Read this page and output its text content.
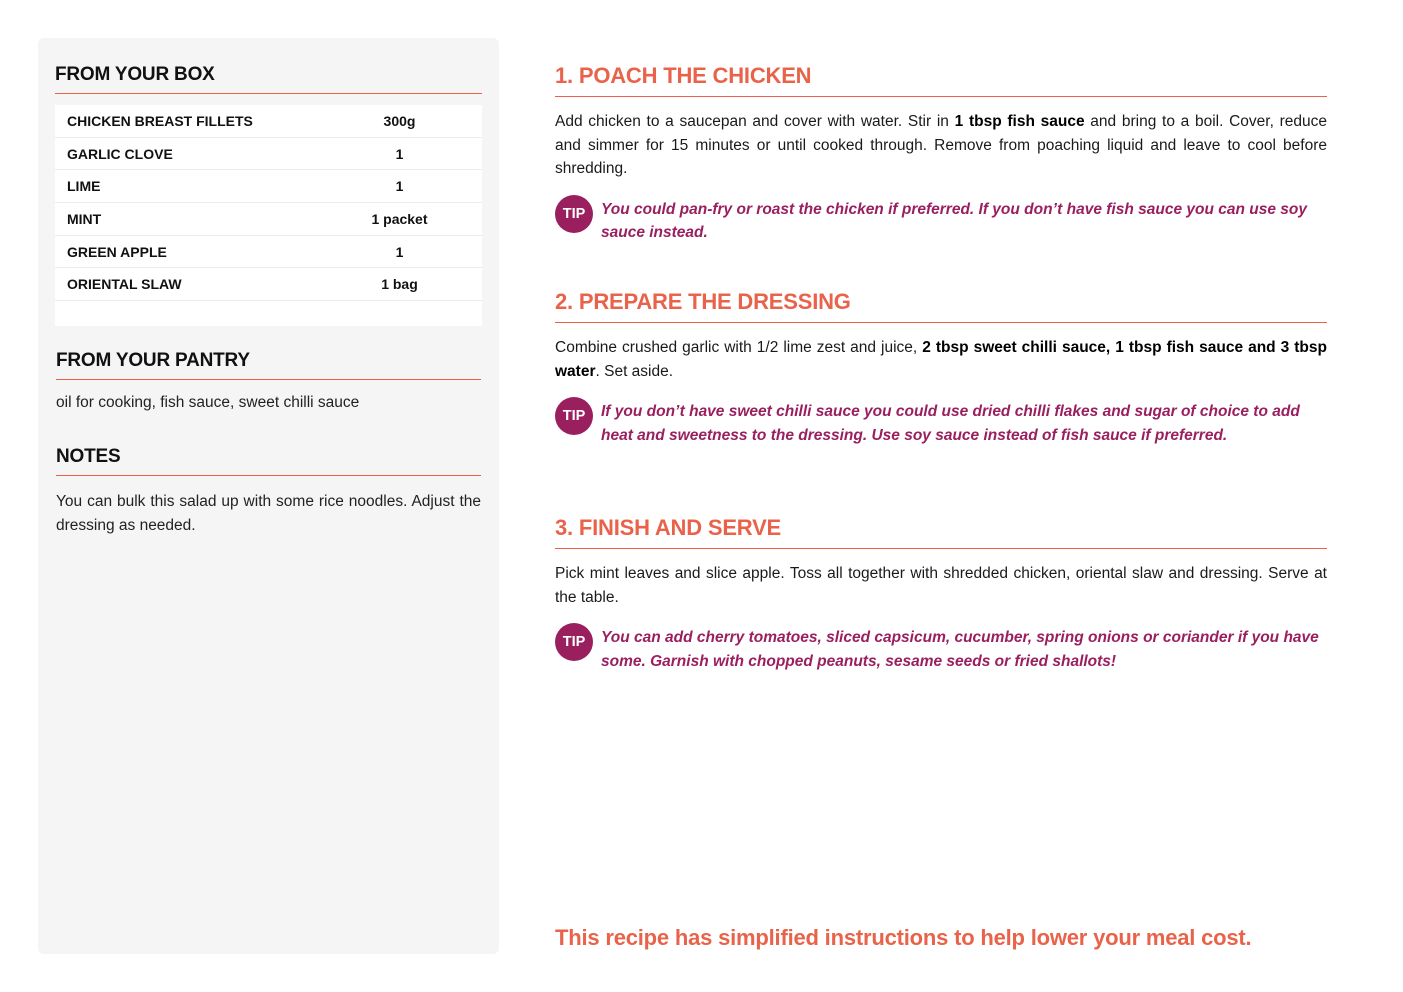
FROM YOUR BOX
CHICKEN BREAST FILLETS	300g
GARLIC CLOVE	1
LIME	1
MINT	1 packet
GREEN APPLE	1
ORIENTAL SLAW	1 bag
FROM YOUR PANTRY
oil for cooking, fish sauce, sweet chilli sauce
NOTES
You can bulk this salad up with some rice noodles. Adjust the dressing as needed.
1. POACH THE CHICKEN

Add chicken to a saucepan and cover with water. Stir in 1 tbsp fish sauce and bring to a boil. Cover, reduce and simmer for 15 minutes or until cooked through. Remove from poaching liquid and leave to cool before shredding.

TIP	You could pan-fry or roast the chicken if preferred. If you don’t have fish sauce you can use soy sauce instead.
2. PREPARE THE DRESSING

Combine crushed garlic with 1/2 lime zest and juice, 2 tbsp sweet chilli sauce, 1 tbsp fish sauce and 3 tbsp water. Set aside.

TIP	If you don’t have sweet chilli sauce you could use dried chilli flakes and sugar of choice to add heat and sweetness to the dressing. Use soy sauce instead of fish sauce if preferred.
3. FINISH AND SERVE

Pick mint leaves and slice apple. Toss all together with shredded chicken, oriental slaw and dressing. Serve at the table.

TIP	You can add cherry tomatoes, sliced capsicum, cucumber, spring onions or coriander if you have some. Garnish with chopped peanuts, sesame seeds or fried shallots!
This recipe has simplified instructions to help lower your meal cost.
